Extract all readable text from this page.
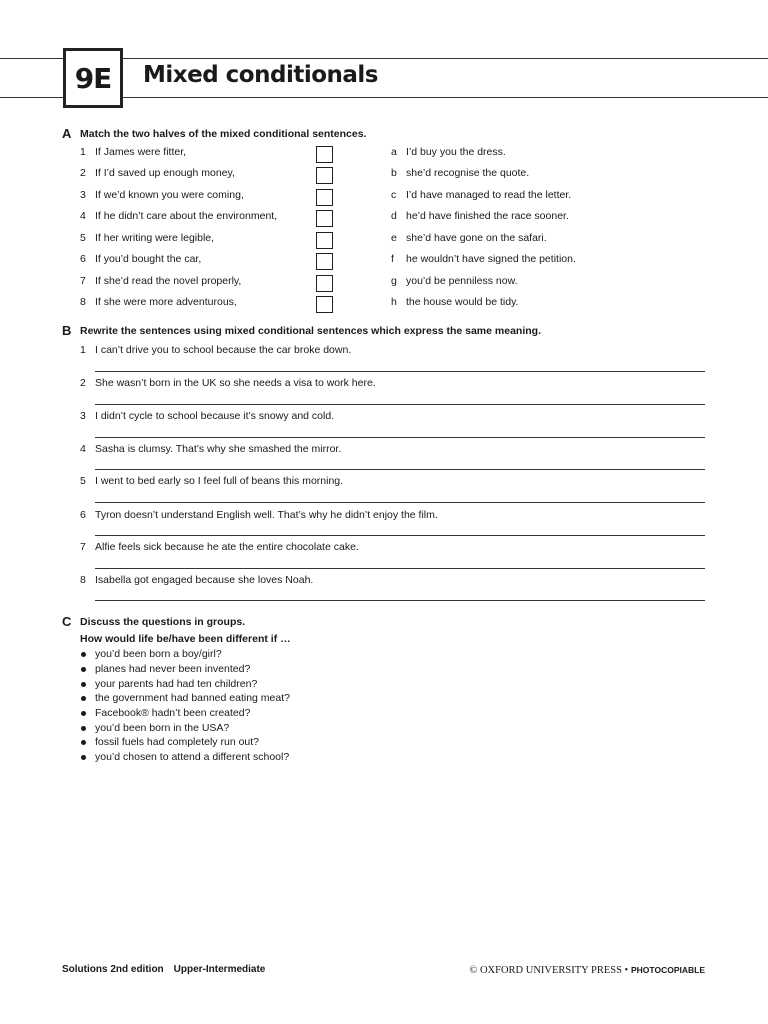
9E	Mixed conditionals
A Match the two halves of the mixed conditional sentences.
1 If James were fitter,	a I’d buy you the dress.
2 If I’d saved up enough money,	b she’d recognise the quote.
3 If we’d known you were coming,	c I’d have managed to read the letter.
4 If he didn’t care about the environment,	d he’d have finished the race sooner.
5 If her writing were legible,	e she’d have gone on the safari.
6 If you’d bought the car,	f he wouldn’t have signed the petition.
7 If she’d read the novel properly,	g you’d be penniless now.
8 If she were more adventurous,	h the house would be tidy.
B Rewrite the sentences using mixed conditional sentences which express the same meaning.
1 I can’t drive you to school because the car broke down.
2 She wasn’t born in the UK so she needs a visa to work here.
3 I didn’t cycle to school because it’s snowy and cold.
4 Sasha is clumsy. That’s why she smashed the mirror.
5 I went to bed early so I feel full of beans this morning.
6 Tyron doesn’t understand English well. That’s why he didn’t enjoy the film.
7 Alfie feels sick because he ate the entire chocolate cake.
8 Isabella got engaged because she loves Noah.
C Discuss the questions in groups.
How would life be/have been different if …
you’d been born a boy/girl?
planes had never been invented?
your parents had had ten children?
the government had banned eating meat?
Facebook® hadn’t been created?
you’d been born in the USA?
fossil fuels had completely run out?
you’d chosen to attend a different school?
Solutions 2nd edition Upper-Intermediate	© OXFORD UNIVERSITY PRESS • PHOTOCOPIABLE
